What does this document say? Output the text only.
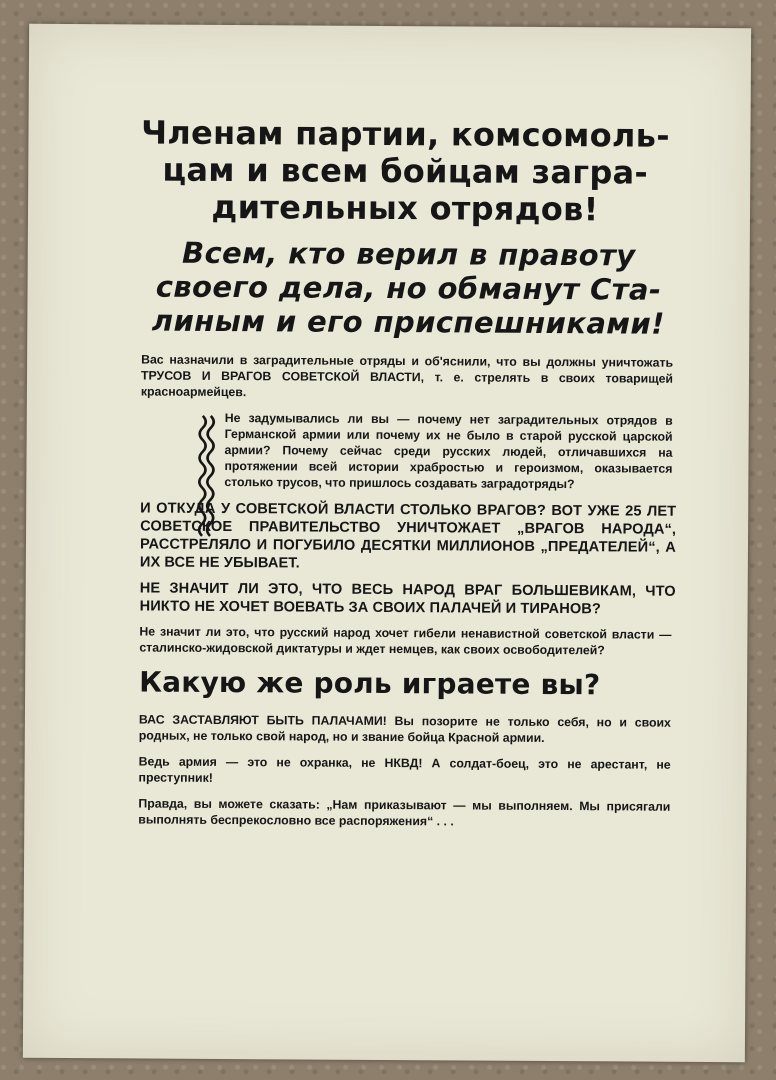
Членам партии, комсомоль-цам и всем бойцам загра-дительных отрядов!
Всем, кто верил в правоту своего дела, но обманут Ста-линым и его приспешниками!
Вас назначили в заградительные отряды и об'яснили, что вы должны уничтожать ТРУСОВ И ВРАГОВ СОВЕТСКОЙ ВЛАСТИ, т. е. стрелять в своих товарищей красноармейцев.
Не задумывались ли вы — почему нет заградительных отрядов в Германской армии или почему их не было в старой русской царской армии? Почему сейчас среди русских людей, отличавшихся на протяжении всей истории храбростью и героизмом, оказывается столько трусов, что пришлось создавать заградотряды?
И ОТКУДА У СОВЕТСКОЙ ВЛАСТИ СТОЛЬКО ВРАГОВ? ВОТ УЖЕ 25 ЛЕТ СОВЕТСКОЕ ПРАВИТЕЛЬСТВО УНИЧТОЖАЕТ „ВРАГОВ НАРОДА“, РАССТРЕЛЯЛО И ПОГУБИЛО ДЕСЯТКИ МИЛЛИОНОВ „ПРЕДАТЕЛЕЙ“, А ИХ ВСЕ НЕ УБЫВАЕТ.
НЕ ЗНАЧИТ ЛИ ЭТО, ЧТО ВЕСЬ НАРОД ВРАГ БОЛЬШЕВИКАМ, ЧТО НИКТО НЕ ХОЧЕТ ВОЕВАТЬ ЗА СВОИХ ПАЛАЧЕЙ И ТИРАНОВ?
Не значит ли это, что русский народ хочет гибели ненавистной советской власти — сталинско-жидовской диктатуры и ждет немцев, как своих освободителей?
Какую же роль играете вы?
ВАС ЗАСТАВЛЯЮТ БЫТЬ ПАЛАЧАМИ! Вы позорите не только себя, но и своих родных, не только свой народ, но и звание бойца Красной армии.
Ведь армия — это не охранка, не НКВД! А солдат-боец, это не арестант, не преступник!
Правда, вы можете сказать: „Нам приказывают — мы выполняем. Мы присягали выполнять беспрекословно все распоряжения“ . . .
